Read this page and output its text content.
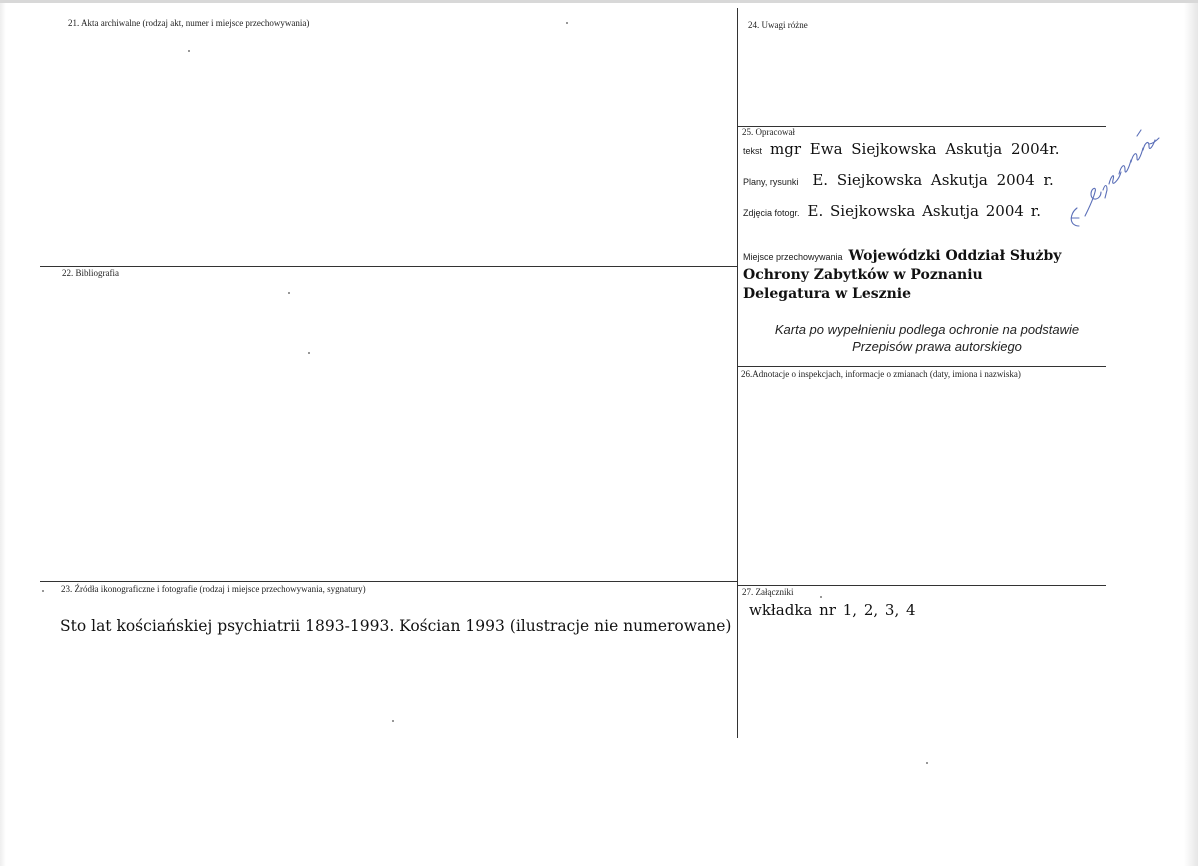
21. Akta archiwalne (rodzaj akt, numer i miejsce przechowywania)
22. Bibliografia
23. Źródła ikonograficzne i fotografie (rodzaj i miejsce przechowywania, sygnatury)
Sto lat kościańskiej psychiatrii 1893-1993. Kościan 1993 (ilustracje nie numerowane)
24. Uwagi różne
25. Opracował
tekst mgr Ewa Siejkowska Askutja 2004r.
Plany, rysunki E. Siejkowska Askutja 2004 r.
Zdjęcia fotogr. E. Siejkowska Askutja 2004 r.
Miejsce przechowywania Wojewódzki Oddział Służby
Ochrony Zabytków w Poznaniu
Delegatura w Lesznie
Karta po wypełnieniu podlega ochronie na podstawie
Przepisów prawa autorskiego
26.Adnotacje o inspekcjach, informacje o zmianach (daty, imiona i nazwiska)
27. Załączniki
wkładka nr 1, 2, 3, 4
